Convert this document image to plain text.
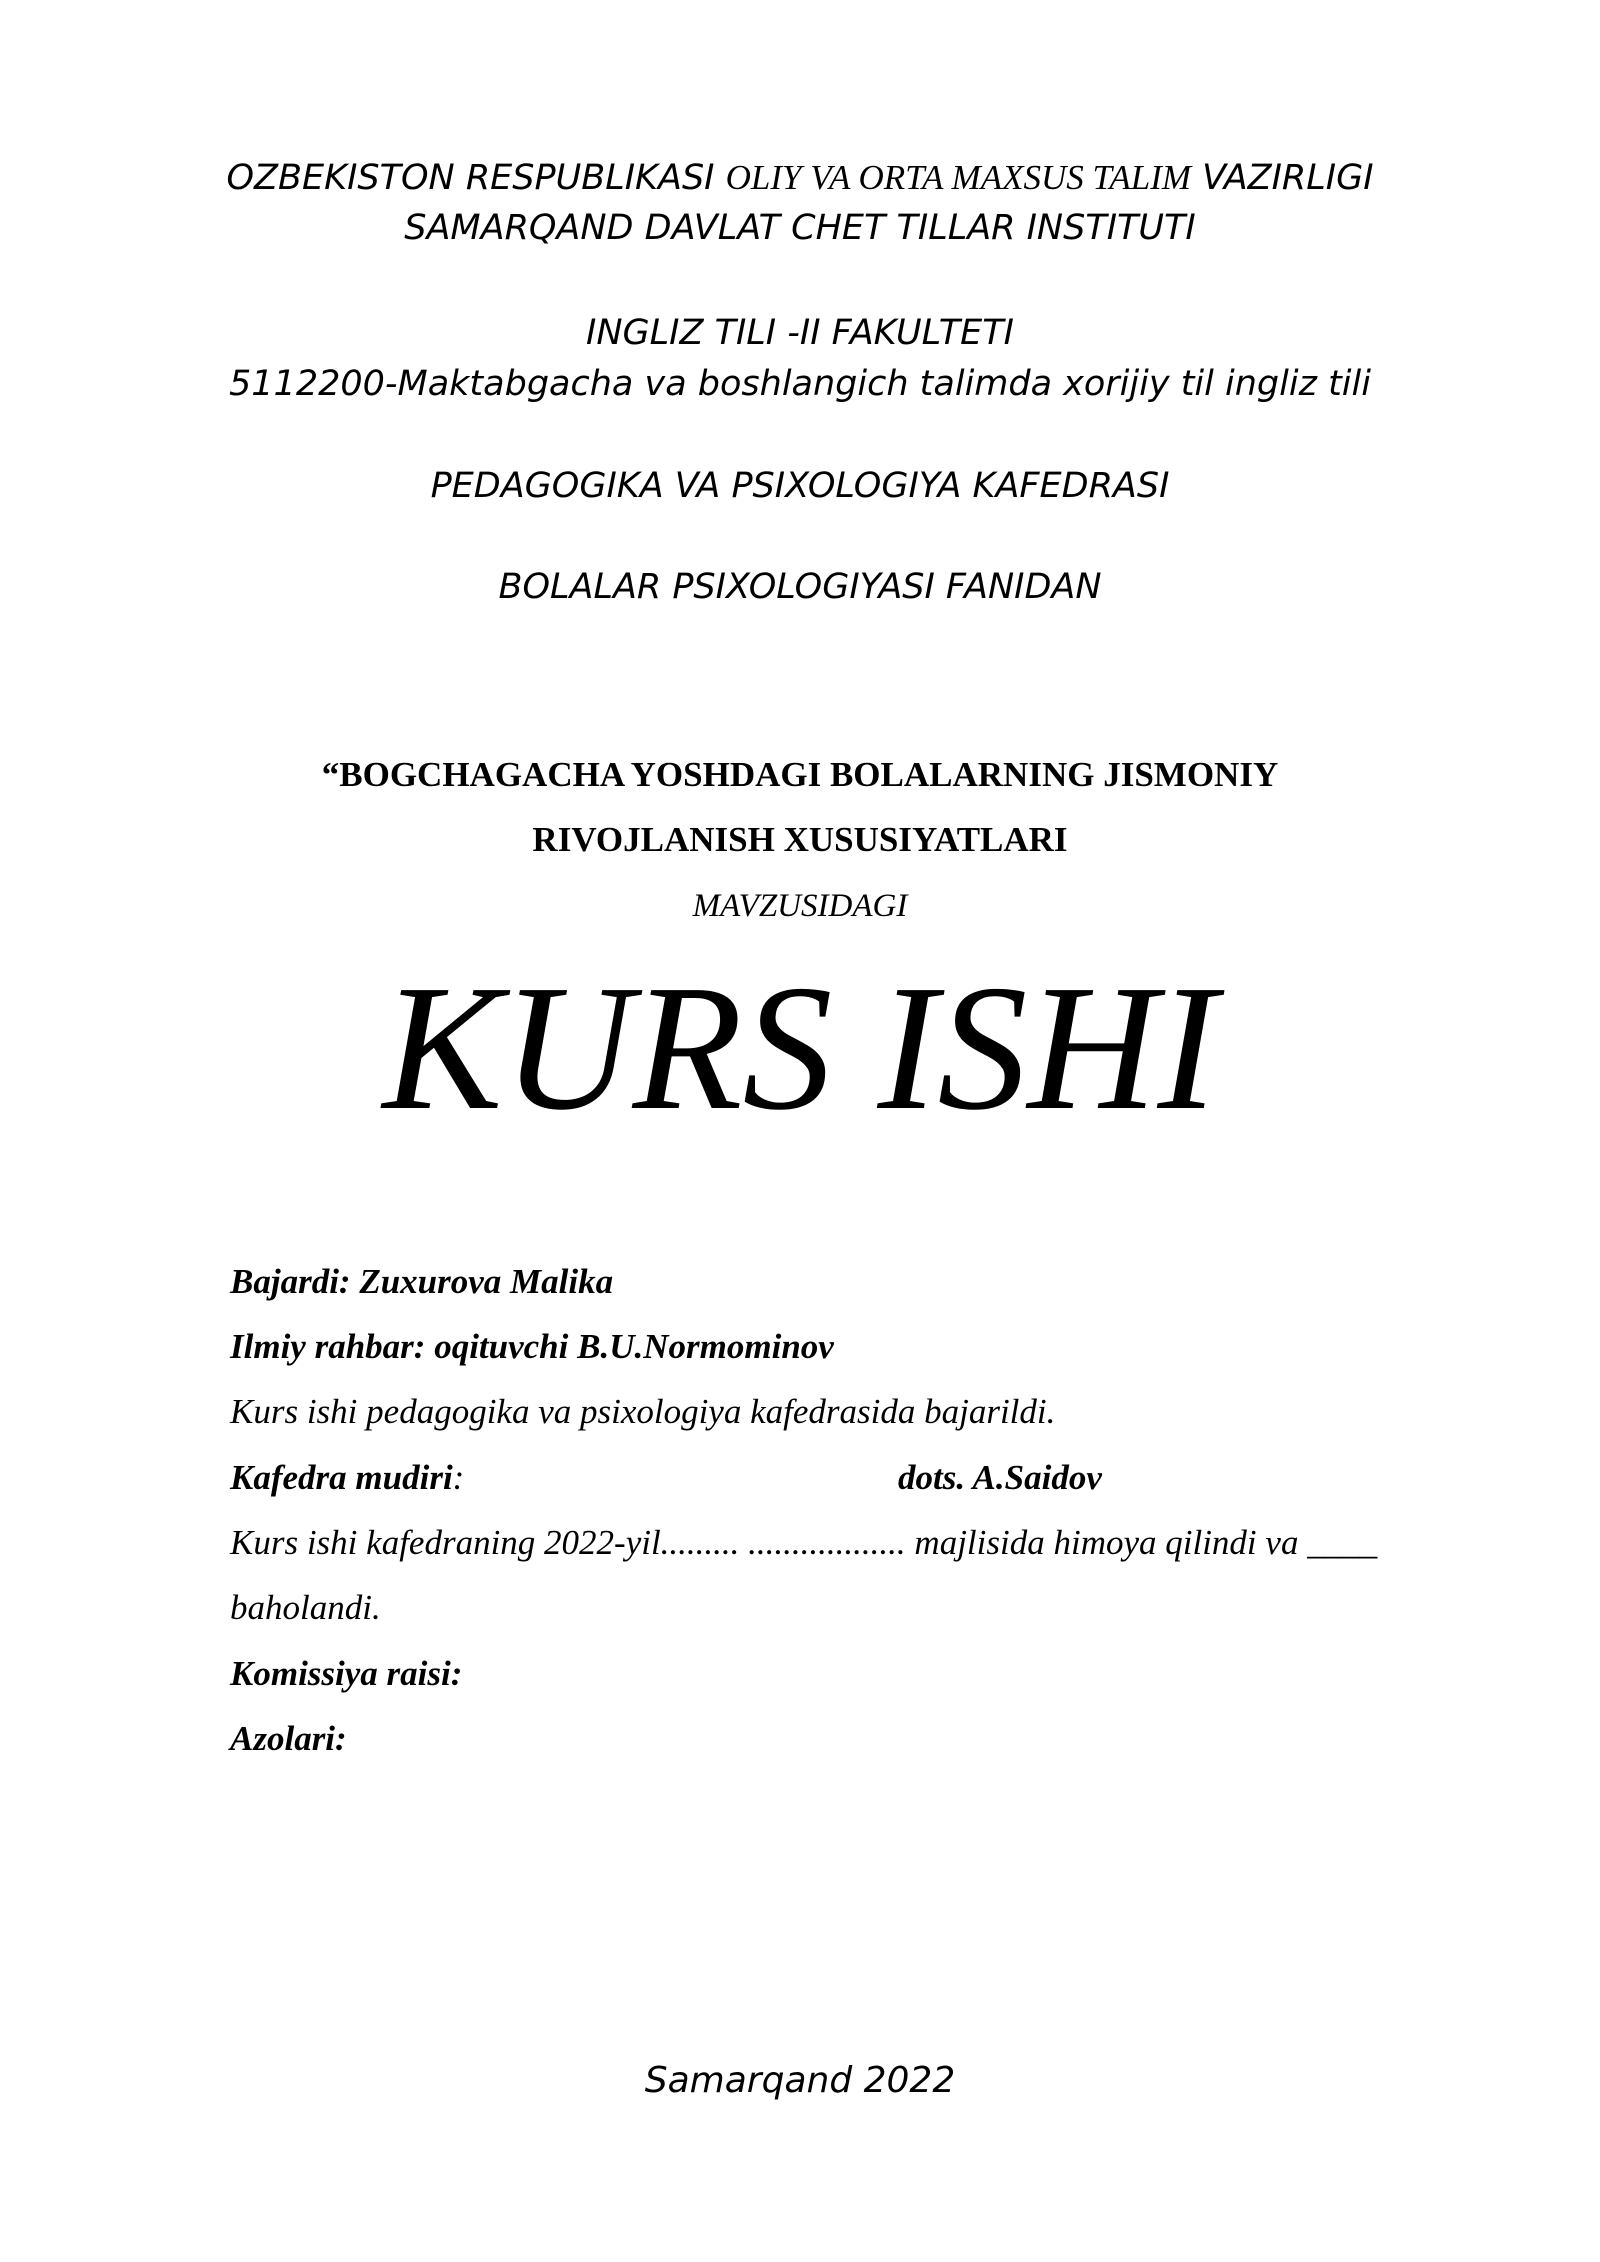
OZBEKISTON RESPUBLIKASI OLIY VA ORTA MAXSUS TALIM VAZIRLIGI
SAMARQAND DAVLAT CHET TILLAR INSTITUTI
INGLIZ TILI -II FAKULTETI
5112200-Maktabgacha va boshlangich talimda xorijiy til ingliz tili
PEDAGOGIKA VA PSIXOLOGIYA KAFEDRASI
BOLALAR PSIXOLOGIYASI FANIDAN
“BOGCHAGACHA YOSHDAGI BOLALARNING JISMONIY
RIVOJLANISH XUSUSIYATLARI
MAVZUSIDAGI
KURS ISHI
Bajardi: Zuxurova Malika
Ilmiy rahbar: oqituvchi B.U.Normominov
Kurs ishi pedagogika va psixologiya kafedrasida bajarildi.
Kafedra mudiri:	dots. A.Saidov
Kurs ishi kafedraning 2022-yil......... .................. majlisida himoya qilindi va ____
baholandi.
Komissiya raisi:
Azolari:
Samarqand 2022
